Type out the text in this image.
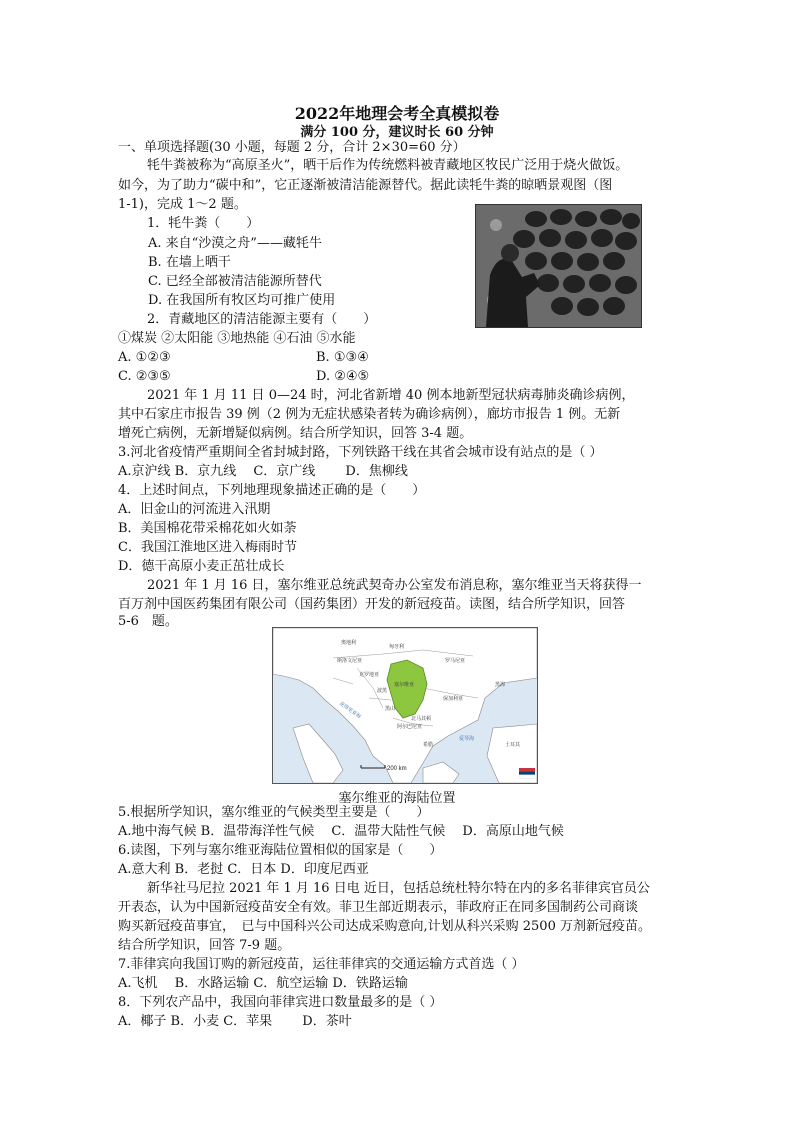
2022年地理会考全真模拟卷
满分 100 分，建议时长 60 分钟
一、单项选择题(30 小题，每题 2 分，合计 2×30=60 分）
牦牛粪被称为“高原圣火”，晒干后作为传统燃料被青藏地区牧民广泛用于烧火做饭。
如今，为了助力“碳中和”，它正逐渐被清洁能源替代。据此读牦牛粪的晾晒景观图（图
1-1)，完成 1～2 题。
1．牦牛粪（　　）
A. 来自“沙漠之舟”——藏牦牛
B. 在墙上晒干
C. 已经全部被清洁能源所替代
D. 在我国所有牧区均可推广使用
2．青藏地区的清洁能源主要有（　　）
①煤炭 ②太阳能 ③地热能 ④石油 ⑤水能
A. ①②③	B. ①③④
C. ②③⑤	D. ②④⑤
2021 年 1 月 11 日 0—24 时，河北省新增 40 例本地新型冠状病毒肺炎确诊病例，
其中石家庄市报告 39 例（2 例为无症状感染者转为确诊病例），廊坊市报告 1 例。无新
增死亡病例，无新增疑似病例。结合所学知识，回答 3-4 题。
3.河北省疫情严重期间全省封城封路，下列铁路干线在其省会城市设有站点的是（ ）
A.京沪线 B．京九线　 C．京广线　　 D．焦柳线
4．上述时间点，下列地理现象描述正确的是（　　）
A．旧金山的河流进入汛期
B．美国棉花带采棉花如火如荼
C．我国江淮地区进入梅雨时节
D．德干高原小麦正茁壮成长
2021 年 1 月 16 日，塞尔维亚总统武契奇办公室发布消息称，塞尔维亚当天将获得一
百万剂中国医药集团有限公司（国药集团）开发的新冠疫苗。读图，结合所学知识，回答
5-6　题。
奥地利
匈牙利
罗马尼亚
斯洛文尼亚
克罗地亚
波黑
塞尔维亚
黑山
保加利亚
北马其顿
阿尔巴尼亚
希腊
黑海
土耳其
亚得里亚海
爱琴海
200 km
塞尔维亚的海陆位置
5.根据所学知识，塞尔维亚的气候类型主要是（　　）
A.地中海气候 B．温带海洋性气候　 C．温带大陆性气候　 D．高原山地气候
6.读图，下列与塞尔维亚海陆位置相似的国家是（　　）
A.意大利 B．老挝 C．日本 D．印度尼西亚
新华社马尼拉 2021 年 1 月 16 日电 近日，包括总统杜特尔特在内的多名菲律宾官员公
开表态，认为中国新冠疫苗安全有效。菲卫生部近期表示，菲政府正在同多国制药公司商谈
购买新冠疫苗事宜，　已与中国科兴公司达成采购意向,计划从科兴采购 2500 万剂新冠疫苗。
结合所学知识，回答 7-9 题。
7.菲律宾向我国订购的新冠疫苗，运往菲律宾的交通运输方式首选（ ）
A.飞机　 B．水路运输 C．航空运输 D．铁路运输
8．下列农产品中，我国向菲律宾进口数量最多的是（ ）
A．椰子 B．小麦 C．苹果　　 D．茶叶
